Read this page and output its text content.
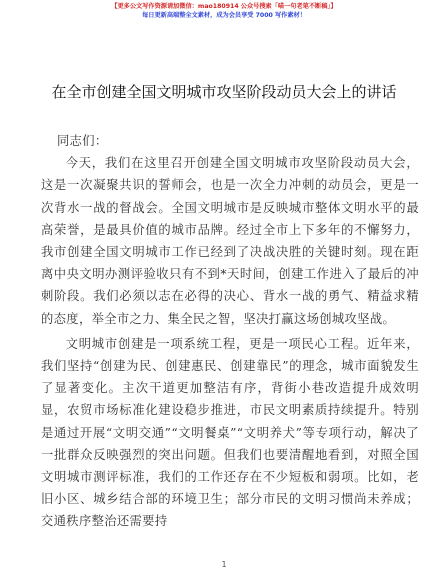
【更多公文写作资源请加微信：mao180914 公众号搜索「喵一句老笔不断稿」】
每日更新高端整全文素材，成为会员享受 7000 写作素材！
在全市创建全国文明城市攻坚阶段动员大会上的讲话

同志们：

今天，我们在这里召开创建全国文明城市攻坚阶段动员大会，这是一次凝聚共识的誓师会，也是一次全力冲刺的动员会，更是一次背水一战的督战会。全国文明城市是反映城市整体文明水平的最高荣誉，是最具价值的城市品牌。经过全市上下多年的不懈努力，我市创建全国文明城市工作已经到了决战决胜的关键时刻。现在距离中央文明办测评验收只有不到*天时间，创建工作进入了最后的冲刺阶段。我们必须以志在必得的决心、背水一战的勇气、精益求精的态度，举全市之力、集全民之智，坚决打赢这场创城攻坚战。

文明城市创建是一项系统工程，更是一项民心工程。近年来，我们坚持“创建为民、创建惠民、创建靠民”的理念，城市面貌发生了显著变化。主次干道更加整洁有序，背街小巷改造提升成效明显，农贸市场标准化建设稳步推进，市民文明素质持续提升。特别是通过开展“文明交通”“文明餐桌”“文明养犬”等专项行动，解决了一批群众反映强烈的突出问题。但我们也要清醒地看到，对照全国文明城市测评标准，我们的工作还存在不少短板和弱项。比如，老旧小区、城乡结合部的环境卫生；部分市民的文明习惯尚未养成；交通秩序整治还需要持

1
